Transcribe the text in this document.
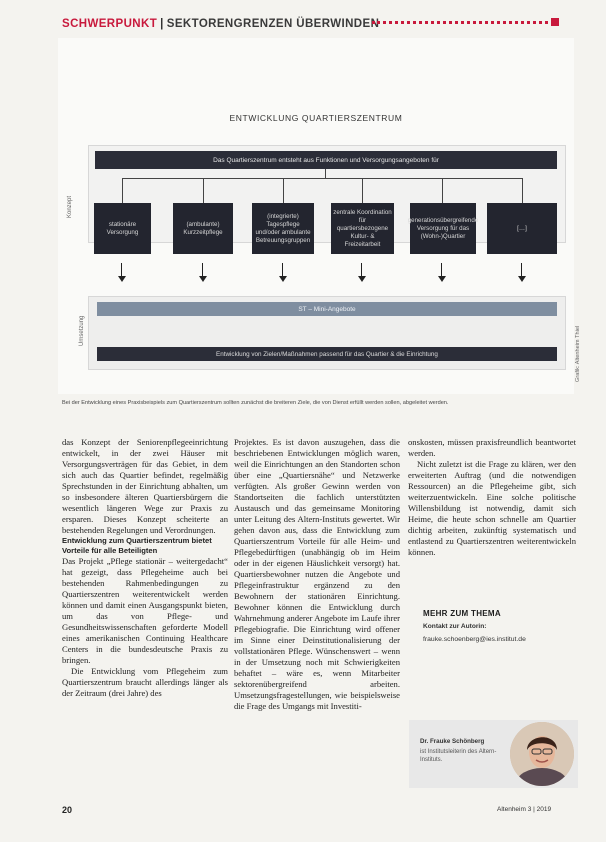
SCHWERPUNKT | SEKTORENGRENZEN ÜBERWINDEN
ENTWICKLUNG QUARTIERSZENTRUM
Konzept
Das Quartierszentrum entsteht aus Funktionen und Versorgungsangeboten für
stationäre Versorgung
(ambulante) Kurzzeitpflege
(integrierte) Tagespflege und/oder ambulante Betreuungsgruppen
zentrale Koordination für quartiersbezogene Kultur- & Freizeitarbeit
generationsübergreifende Versorgung für das (Wohn-)Quartier
[…]
Umsetzung
ST – Mini-Angebote
Entwicklung von Zielen/Maßnahmen passend für das Quartier & die Einrichtung	Grafik: Altenheim Thiel
Bei der Entwicklung eines Praxisbeispiels zum Quartierszentrum sollten zunächst die breiteren Ziele, die von Dienst erfüllt werden sollen, abgeleitet werden.

das Konzept der Seniorenpflegeeinrichtung entwickelt, in der zwei Häuser mit Versorgungsverträgen für das Gebiet, in dem sich auch das Quartier befindet, regelmäßig Sprechstunden in der Einrichtung abhalten, um so insbesondere älteren Quartiersbürgern die wesentlich längeren Wege zur Praxis zu ersparen. Dieses Konzept scheiterte an bestehenden Regelungen und Verordnungen.

Entwicklung zum Quartierszentrum bietet Vorteile für alle Beteiligten

Das Projekt „Pflege stationär – weitergedacht“ hat gezeigt, dass Pflegeheime auch bei bestehenden Rahmenbedingungen zu Quartierszentren weiterentwickelt werden können und damit einen Ausgangspunkt bieten, um das von Pflege- und Gesundheitswissenschaften geforderte Modell eines amerikanischen Continuing Healthcare Centers in die bundesdeutsche Praxis zu bringen.

Die Entwicklung vom Pflegeheim zum Quartierszentrum braucht allerdings länger als der Zeitraum (drei Jahre) des

Projektes. Es ist davon auszugehen, dass die beschriebenen Entwicklungen möglich waren, weil die Einrichtungen an den Standorten schon über eine „Quartiersnähe“ und Netzwerke verfügten. Als großer Gewinn werden von Standortseiten die fachlich unterstützten Austausch und das gemeinsame Monitoring unter Leitung des Altern-Instituts gewertet. Wir gehen davon aus, dass die Entwicklung zum Quartierszentrum Vorteile für alle Heim- und Pflegebedürftigen (unabhängig ob im Heim oder in der eigenen Häuslichkeit versorgt) hat. Quartiersbewohner nutzen die Angebote und Pflegeinfrastruktur ergänzend zu den Bewohnern der stationären Einrichtung. Bewohner können die Entwicklung durch Wahrnehmung anderer Angebote im Laufe ihrer Pflegebiografie. Die Einrichtung wird offener im Sinne einer Deinstitutionalisierung der vollstationären Pflege. Wünschenswert – wenn in der Umsetzung noch mit Schwierigkeiten behaftet – wäre es, wenn Mitarbeiter sektorenübergreifend arbeiten. Umsetzungsfragestellungen, wie beispielsweise die Frage des Umgangs mit Investiti-

onskosten, müssen praxisfreundlich beantwortet werden.

Nicht zuletzt ist die Frage zu klären, wer den erweiterten Auftrag (und die notwendigen Ressourcen) an die Pflegeheime gibt, sich weiterzuentwickeln. Eine solche politische Willensbildung ist notwendig, damit sich Heime, die heute schon schnelle am Quartier dichtig arbeiten, zukünftig systematisch und entlastend zu Quartierszentren weiterentwickeln können.

MEHR ZUM THEMA
Kontakt zur Autorin:
frauke.schoenberg@ies.institut.de
Dr. Frauke Schönberg
ist Institutsleiterin des Altern-Instituts.
20	Altenheim 3 | 2019
